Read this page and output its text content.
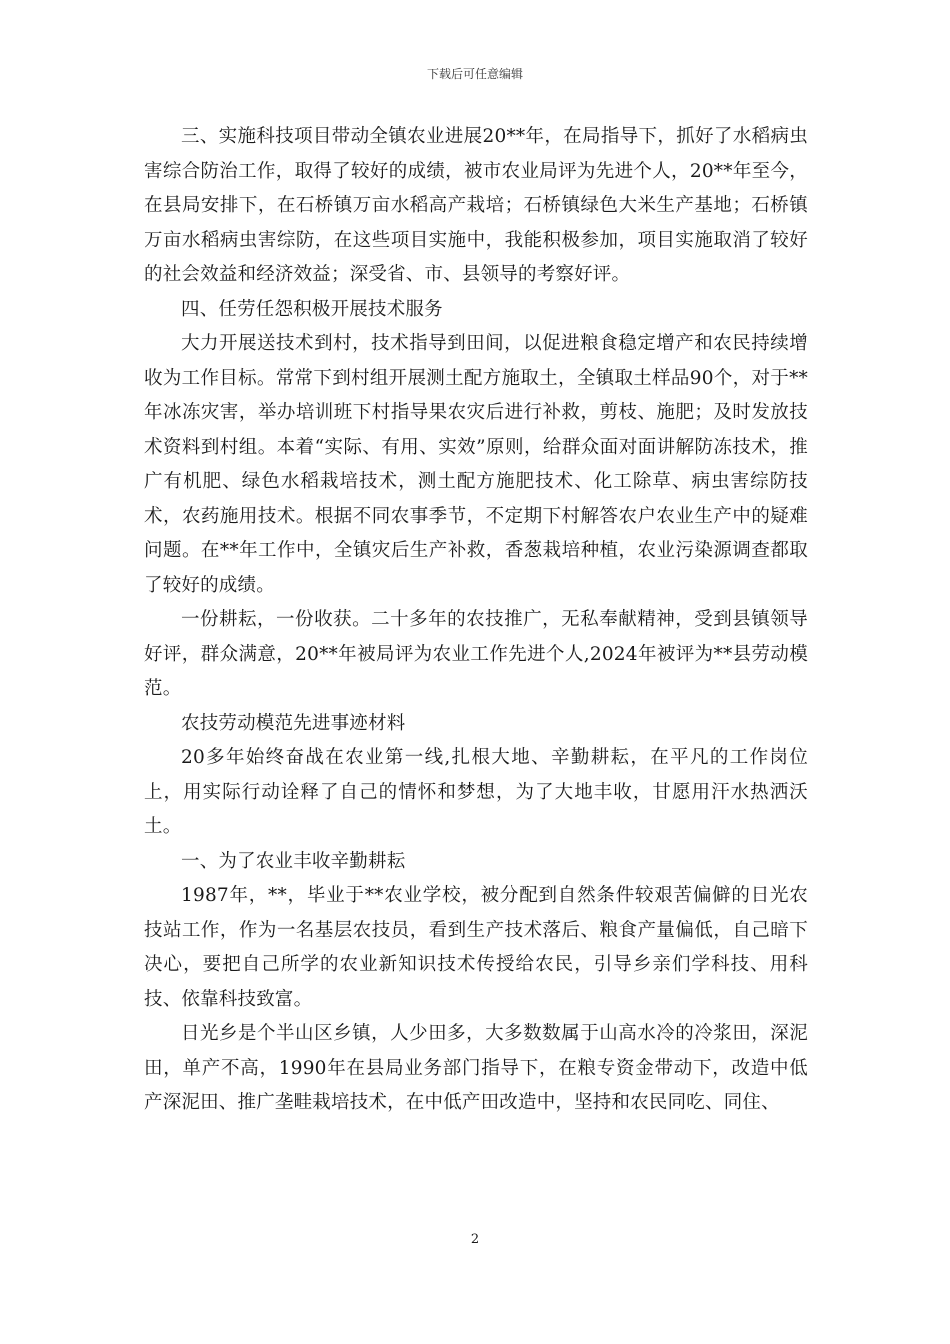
下载后可任意编辑

三、实施科技项目带动全镇农业进展20**年，在局指导下，抓好了水稻病虫害综合防治工作，取得了较好的成绩，被市农业局评为先进个人，20**年至今，在县局安排下，在石桥镇万亩水稻高产栽培；石桥镇绿色大米生产基地；石桥镇万亩水稻病虫害综防，在这些项目实施中，我能积极参加，项目实施取消了较好的社会效益和经济效益；深受省、市、县领导的考察好评。

四、任劳任怨积极开展技术服务

大力开展送技术到村，技术指导到田间，以促进粮食稳定增产和农民持续增收为工作目标。常常下到村组开展测土配方施取土，全镇取土样品90个，对于**年冰冻灾害，举办培训班下村指导果农灾后进行补救，剪枝、施肥；及时发放技术资料到村组。本着“实际、有用、实效”原则，给群众面对面讲解防冻技术，推广有机肥、绿色水稻栽培技术，测土配方施肥技术、化工除草、病虫害综防技术，农药施用技术。根据不同农事季节，不定期下村解答农户农业生产中的疑难问题。在**年工作中，全镇灾后生产补救，香葱栽培种植，农业污染源调查都取了较好的成绩。

一份耕耘，一份收获。二十多年的农技推广，无私奉献精神，受到县镇领导好评，群众满意，20**年被局评为农业工作先进个人,2024年被评为**县劳动模范。

农技劳动模范先进事迹材料

20多年始终奋战在农业第一线,扎根大地、辛勤耕耘，在平凡的工作岗位上，用实际行动诠释了自己的情怀和梦想，为了大地丰收，甘愿用汗水热洒沃土。

一、为了农业丰收辛勤耕耘

1987年，**，毕业于**农业学校，被分配到自然条件较艰苦偏僻的日光农技站工作，作为一名基层农技员，看到生产技术落后、粮食产量偏低，自己暗下决心，要把自己所学的农业新知识技术传授给农民，引导乡亲们学科技、用科技、依靠科技致富。

日光乡是个半山区乡镇，人少田多，大多数数属于山高水冷的冷浆田，深泥田，单产不高，1990年在县局业务部门指导下，在粮专资金带动下，改造中低产深泥田、推广垄畦栽培技术，在中低产田改造中，坚持和农民同吃、同住、

2
